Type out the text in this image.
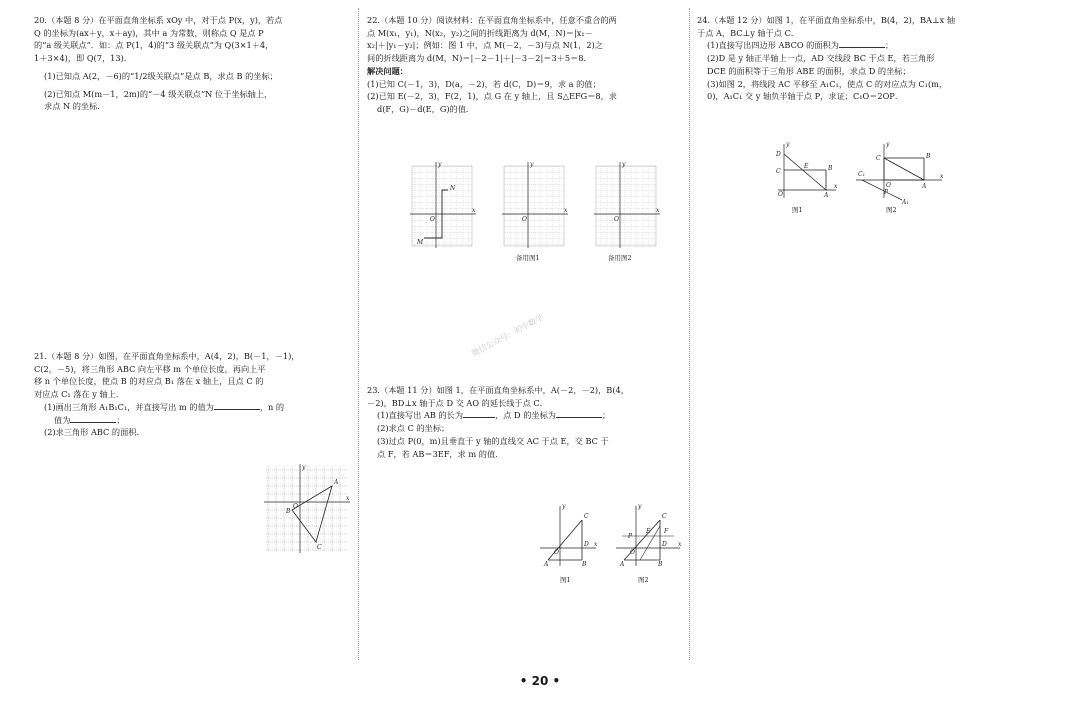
20.（本题 8 分）在平面直角坐标系 xOy 中，对于点 P(x，y)，若点

Q 的坐标为(ax＋y，x＋ay)，其中 a 为常数，则称点 Q 是点 P

的“a 级关联点”．如：点 P(1，4)的“3 级关联点”为 Q(3×1＋4，

1＋3×4)，即 Q(7，13)．

(1)已知点 A(2，－6)的“1/2级关联点”是点 B，求点 B 的坐标；

(2)已知点 M(m－1，2m)的“－4 级关联点”N 位于坐标轴上，

求点 N 的坐标．

21.（本题 8 分）如图，在平面直角坐标系中，A(4，2)，B(－1，－1)，

C(2，－5)，将三角形 ABC 向左平移 m 个单位长度，再向上平

移 n 个单位长度，使点 B 的对应点 B₁ 落在 x 轴上，且点 C 的

对应点 C₁ 落在 y 轴上．

(1)画出三角形 A₁B₁C₁，并直接写出 m 的值为	，n 的

值为	；

(2)求三角形 ABC 的面积．

A
B
C
O
x
y

22.（本题 10 分）阅读材料：在平面直角坐标系中，任意不重合的两

点 M(x₁，y₁)，N(x₂，y₂)之间的折线距离为 d(M，N)＝|x₁－

x₂|＋|y₁－y₂|；例如：图 1 中，点 M(－2，－3)与点 N(1，2)之

间的折线距离为 d(M，N)＝|－2－1|＋|－3－2|＝3＋5＝8．

解决问题：

(1)已知 C(－1，3)，D(a，－2)，若 d(C，D)＝9，求 a 的值；

(2)已知 E(－2，3)，F(2，1)，点 G 在 y 轴上，且 S△EFG＝8，求

d(F，G)－d(E，G)的值．

23.（本题 11 分）如图 1，在平面直角坐标系中，A(－2，－2)，B(4，

－2)，BD⊥x 轴于点 D 交 AO 的延长线于点 C．

(1)直接写出 AB 的长为	，点 D 的坐标为	；

(2)求点 C 的坐标；

(3)过点 P(0，m)且垂直于 y 轴的直线交 AC 于点 E，交 BC 于

点 F，若 AB＝3EF，求 m 的值．

N
M
O
x
y
O
x
y
备用图1
O
x
y
备用图2
微信公众号：初中数学
C
D
O
A	B
x
y
图1
C
E F
P
D
O
A	B
x
y
图2

24.（本题 12 分）如图 1，在平面直角坐标系中，B(4，2)，BA⊥x 轴

于点 A，BC⊥y 轴于点 C．

(1)直接写出四边形 ABCO 的面积为	；

(2)D 是 y 轴正半轴上一点，AD 交线段 BC 于点 E，若三角形

DCE 的面积等于三角形 ABE 的面积，求点 D 的坐标；

(3)如图 2，将线段 AC 平移至 A₁C₁，使点 C 的对应点为 C₁(m，

0)，A₁C₁ 交 y 轴负半轴于点 P，求证：C₁O＝2OP．

D
C
E	B
O	A
x
y
图1
C	B
C₁
O
P
A
A₁
x
y
图2
• 20 •
